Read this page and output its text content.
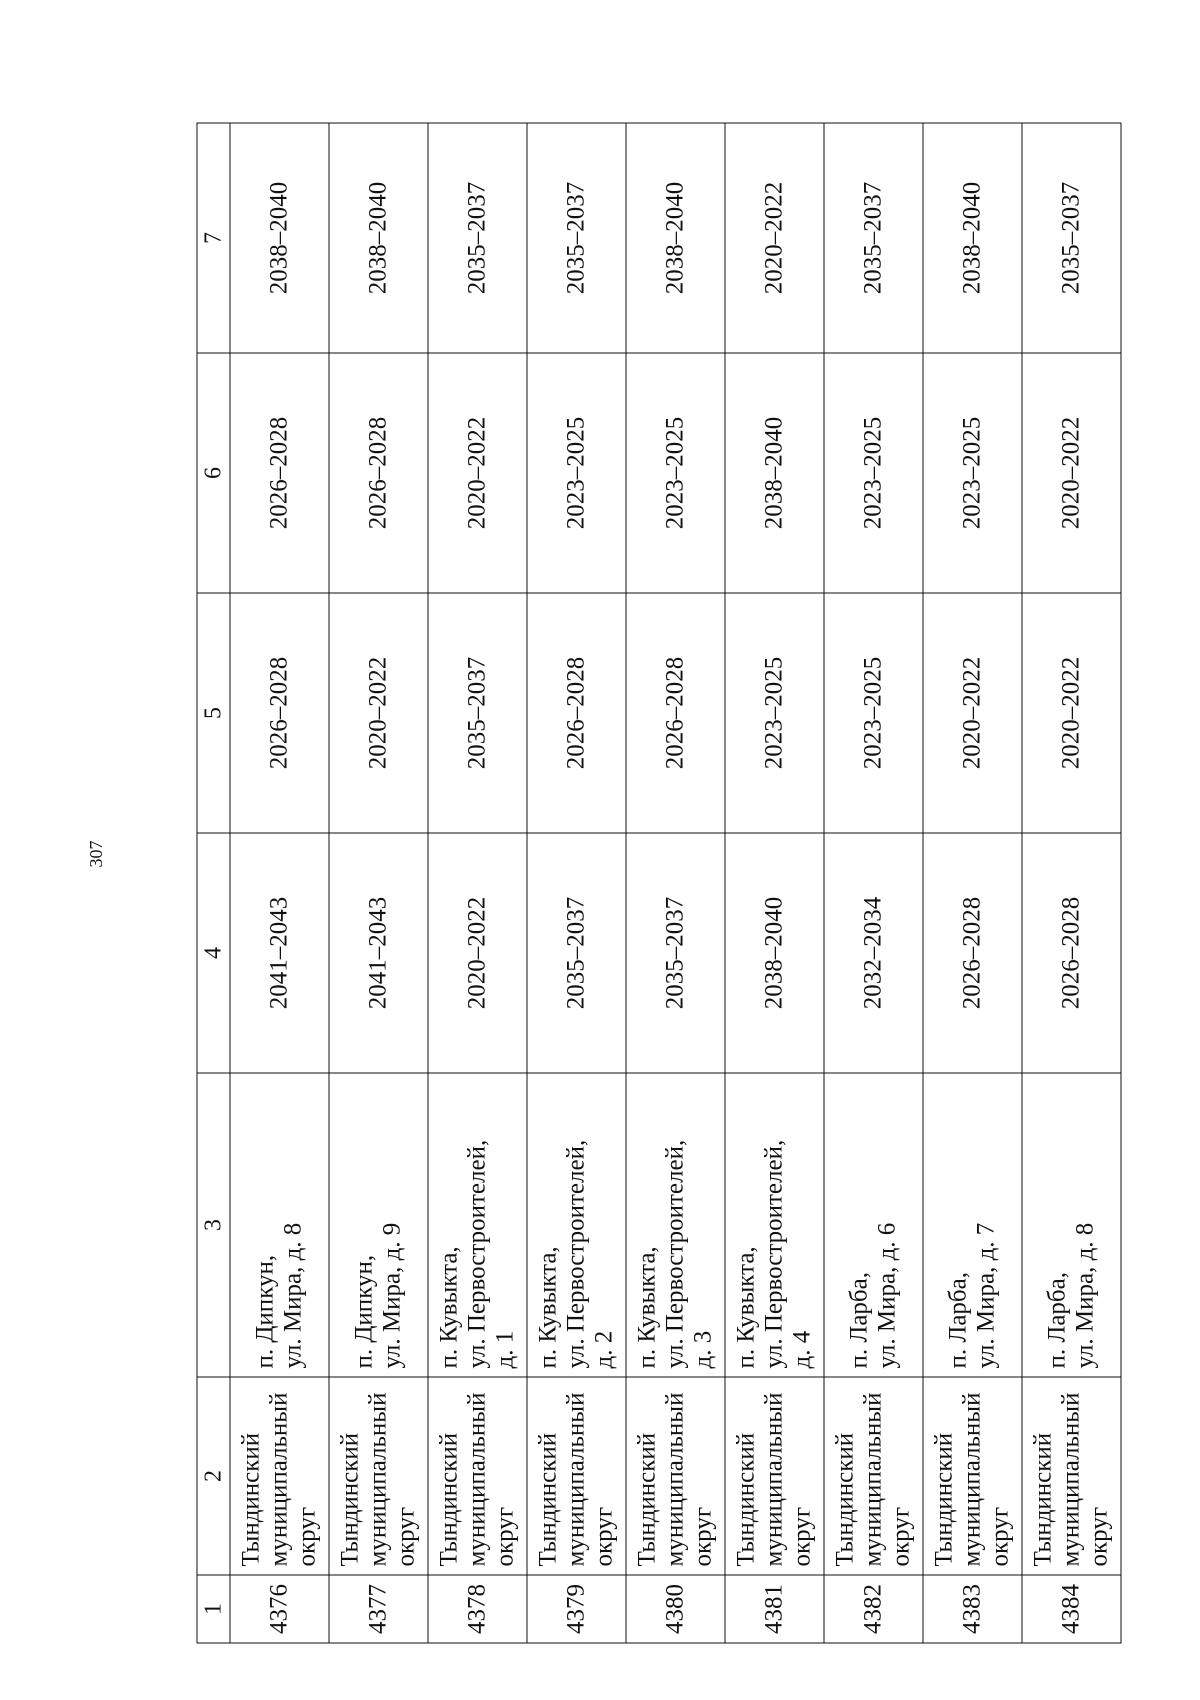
307
1	2	3	4	5	6	7
4376	Тындинский
муниципальный
округ	п. Дипкун,
ул. Мира, д. 8	2041–2043	2026–2028	2026–2028	2038–2040
4377	Тындинский
муниципальный
округ	п. Дипкун,
ул. Мира, д. 9	2041–2043	2020–2022	2026–2028	2038–2040
4378	Тындинский
муниципальный
округ	п. Кувыкта,
ул. Первостроителей,
д. 1	2020–2022	2035–2037	2020–2022	2035–2037
4379	Тындинский
муниципальный
округ	п. Кувыкта,
ул. Первостроителей,
д. 2	2035–2037	2026–2028	2023–2025	2035–2037
4380	Тындинский
муниципальный
округ	п. Кувыкта,
ул. Первостроителей,
д. 3	2035–2037	2026–2028	2023–2025	2038–2040
4381	Тындинский
муниципальный
округ	п. Кувыкта,
ул. Первостроителей,
д. 4	2038–2040	2023–2025	2038–2040	2020–2022
4382	Тындинский
муниципальный
округ	п. Ларба,
ул. Мира, д. 6	2032–2034	2023–2025	2023–2025	2035–2037
4383	Тындинский
муниципальный
округ	п. Ларба,
ул. Мира, д. 7	2026–2028	2020–2022	2023–2025	2038–2040
4384	Тындинский
муниципальный
округ	п. Ларба,
ул. Мира, д. 8	2026–2028	2020–2022	2020–2022	2035–2037
